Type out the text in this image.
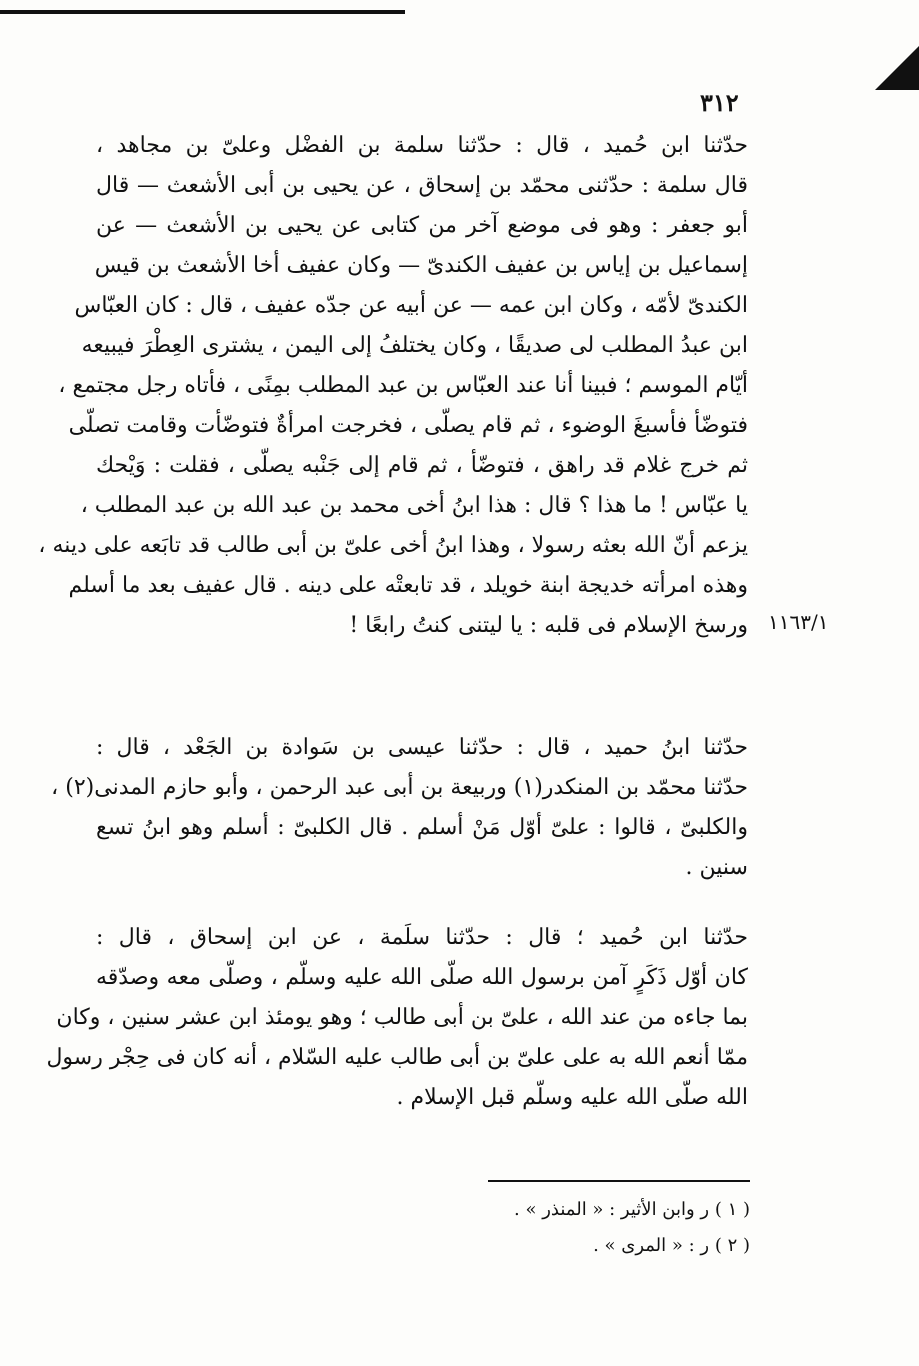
٣١٢
١١٦٣/١
حدّثنا ابن حُميد ، قال : حدّثنا سلمة بن الفضْل وعلىّ بن مجاهد ،
قال سلمة : حدّثنى محمّد بن إسحاق ، عن يحيى بن أبى الأشعث — قال
أبو جعفر : وهو فى موضع آخر من كتابى عن يحيى بن الأشعث — عن
إسماعيل بن إياس بن عفيف الكندىّ — وكان عفيف أخا الأشعث بن قيس
الكندىّ لأمّه ، وكان ابن عمه — عن أبيه عن جدّه عفيف ، قال : كان العبّاس
ابن عبدُ المطلب لى صديقًا ، وكان يختلفُ إلى اليمن ، يشترى العِطْرَ فيبيعه
أيّام الموسم ؛ فبينا أنا عند العبّاس بن عبد المطلب بمِنًى ، فأتاه رجل مجتمع ،
فتوضّأ فأسبغَ الوضوء ، ثم قام يصلّى ، فخرجت امرأةٌ فتوضّأت وقامت تصلّى
ثم خرج غلام قد راهق ، فتوضّأ ، ثم قام إلى جَنْبه يصلّى ، فقلت : وَيْحك
يا عبّاس ! ما هذا ؟ قال : هذا ابنُ أخى محمد بن عبد الله بن عبد المطلب ،
يزعم أنّ الله بعثه رسولا ، وهذا ابنُ أخى علىّ بن أبى طالب قد تابَعه على دينه ،
وهذه امرأته خديجة ابنة خويلد ، قد تابعتْه على دينه . قال عفيف بعد ما أسلم
ورسخ الإسلام فى قلبه : يا ليتنى كنتُ رابعًا !
حدّثنا ابنُ حميد ، قال : حدّثنا عيسى بن سَوادة بن الجَعْد ، قال :
حدّثنا محمّد بن المنكدر(١) وربيعة بن أبى عبد الرحمن ، وأبو حازم المدنى(٢) ،
والكلبىّ ، قالوا : علىّ أوّل مَنْ أسلم . قال الكلبىّ : أسلم وهو ابنُ تسع
سنين .
حدّثنا ابن حُميد ؛ قال : حدّثنا سلَمة ، عن ابن إسحاق ، قال :
كان أوّل ذَكَرٍ آمن برسول الله صلّى الله عليه وسلّم ، وصلّى معه وصدّقه
بما جاءه من عند الله ، علىّ بن أبى طالب ؛ وهو يومئذ ابن عشر سنين ، وكان
ممّا أنعم الله به على علىّ بن أبى طالب عليه السّلام ، أنه كان فى حِجْر رسول
الله صلّى الله عليه وسلّم قبل الإسلام .
( ١ ) ر وابن الأثير : « المنذر » .
( ٢ ) ر : « المرى » .
